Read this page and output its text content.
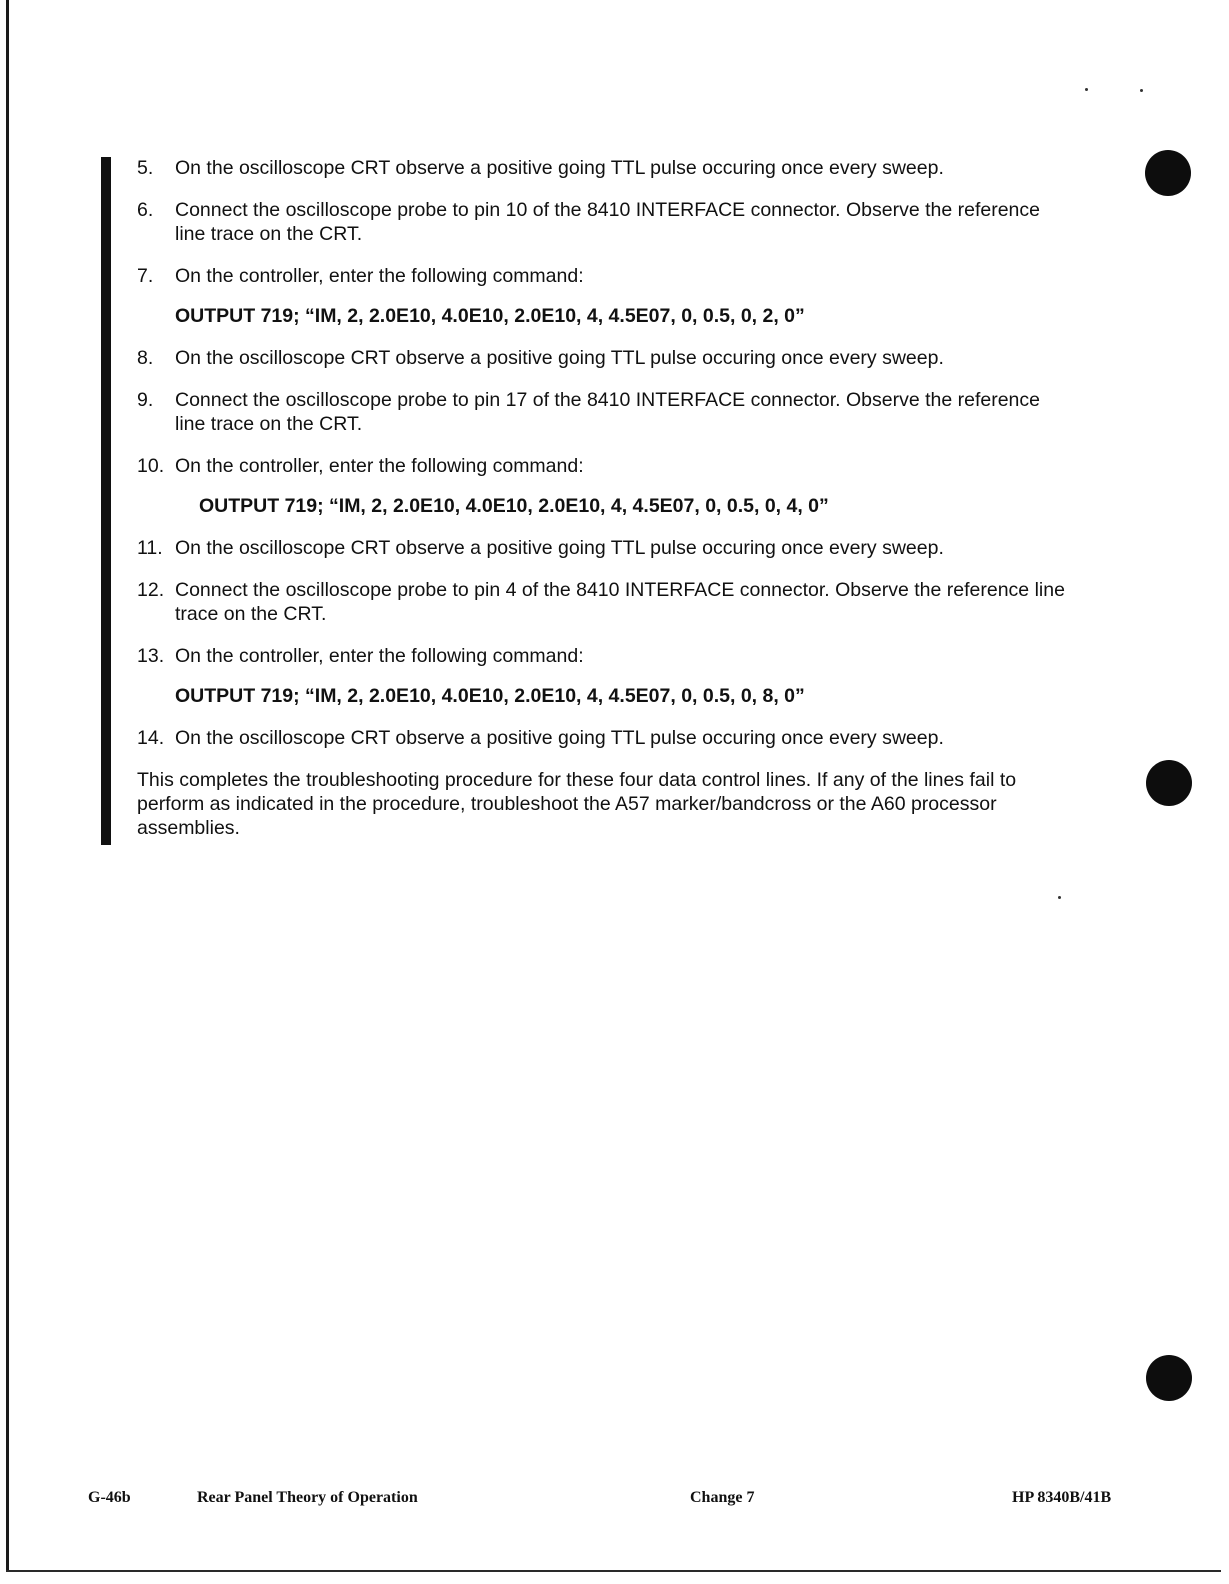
5. On the oscilloscope CRT observe a positive going TTL pulse occuring once every sweep.
6. Connect the oscilloscope probe to pin 10 of the 8410 INTERFACE connector. Observe the reference line trace on the CRT.
7. On the controller, enter the following command:
OUTPUT 719; “IM, 2, 2.0E10, 4.0E10, 2.0E10, 4, 4.5E07, 0, 0.5, 0, 2, 0”
8. On the oscilloscope CRT observe a positive going TTL pulse occuring once every sweep.
9. Connect the oscilloscope probe to pin 17 of the 8410 INTERFACE connector. Observe the reference line trace on the CRT.
10. On the controller, enter the following command:
OUTPUT 719; “IM, 2, 2.0E10, 4.0E10, 2.0E10, 4, 4.5E07, 0, 0.5, 0, 4, 0”
11. On the oscilloscope CRT observe a positive going TTL pulse occuring once every sweep.
12. Connect the oscilloscope probe to pin 4 of the 8410 INTERFACE connector. Observe the reference line trace on the CRT.
13. On the controller, enter the following command:
OUTPUT 719; “IM, 2, 2.0E10, 4.0E10, 2.0E10, 4, 4.5E07, 0, 0.5, 0, 8, 0”
14. On the oscilloscope CRT observe a positive going TTL pulse occuring once every sweep.

This completes the troubleshooting procedure for these four data control lines. If any of the lines fail to perform as indicated in the procedure, troubleshoot the A57 marker/bandcross or the A60 processor assemblies.

G-46b	Rear Panel Theory of Operation	Change 7	HP 8340B/41B
